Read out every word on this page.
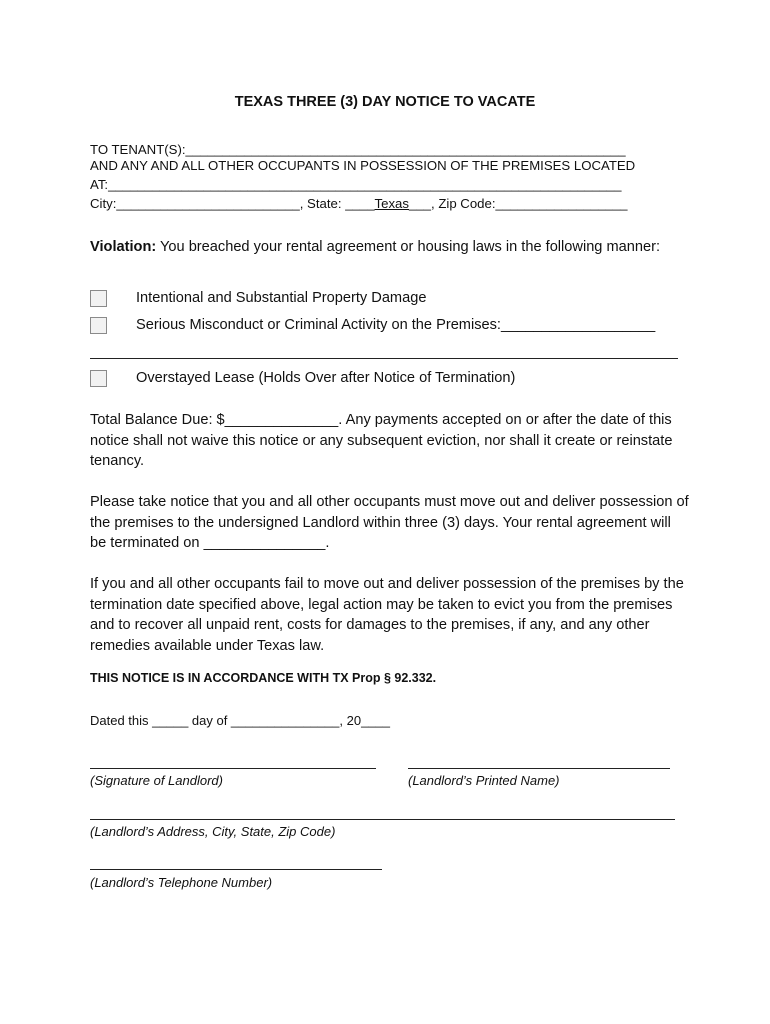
TEXAS THREE (3) DAY NOTICE TO VACATE
TO TENANT(S):____________________________________________________________
AND ANY AND ALL OTHER OCCUPANTS IN POSSESSION OF THE PREMISES LOCATED
AT:______________________________________________________________________
City:_________________________, State: ____Texas___, Zip Code:__________________
Violation: You breached your rental agreement or housing laws in the following manner:
Intentional and Substantial Property Damage
Serious Misconduct or Criminal Activity on the Premises:___________________
Overstayed Lease (Holds Over after Notice of Termination)
Total Balance Due: $______________. Any payments accepted on or after the date of this notice shall not waive this notice or any subsequent eviction, nor shall it create or reinstate tenancy.
Please take notice that you and all other occupants must move out and deliver possession of the premises to the undersigned Landlord within three (3) days. Your rental agreement will be terminated on _______________.
If you and all other occupants fail to move out and deliver possession of the premises by the termination date specified above, legal action may be taken to evict you from the premises and to recover all unpaid rent, costs for damages to the premises, if any, and any other remedies available under Texas law.
THIS NOTICE IS IN ACCORDANCE WITH TX Prop § 92.332.
Dated this _____ day of _______________, 20____
(Signature of Landlord)	(Landlord’s Printed Name)
(Landlord’s Address, City, State, Zip Code)
(Landlord’s Telephone Number)
